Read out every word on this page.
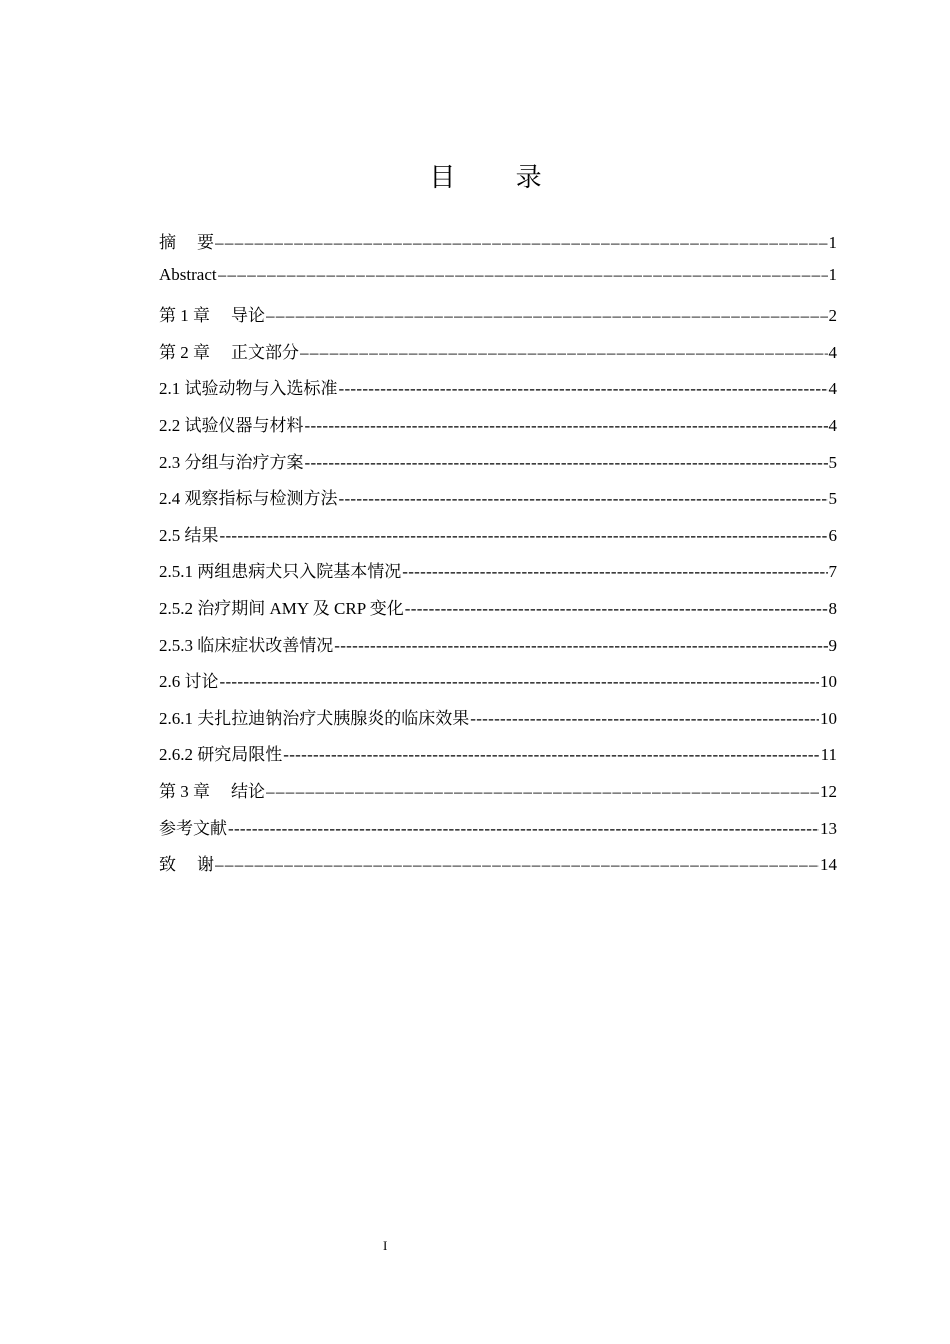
目 录
摘 要 –––––	1
Abstract –––––	1
第 1 章 导论 –––––	2
第 2 章 正文部分 –––––	4
2.1 试验动物与入选标准 -----	4
2.2 试验仪器与材料 -----	4
2.3 分组与治疗方案 -----	5
2.4 观察指标与检测方法 -----	5
2.5 结果 -----	6
2.5.1 两组患病犬只入院基本情况 -----	7
2.5.2 治疗期间 AMY 及 CRP 变化 -----	8
2.5.3 临床症状改善情况 -----	9
2.6 讨论 -----	10
2.6.1 夫扎拉迪钠治疗犬胰腺炎的临床效果 -----	10
2.6.2 研究局限性 -----	11
第 3 章 结论 –––––	12
参考文献 -----	13
致 谢 –––––	14
I
